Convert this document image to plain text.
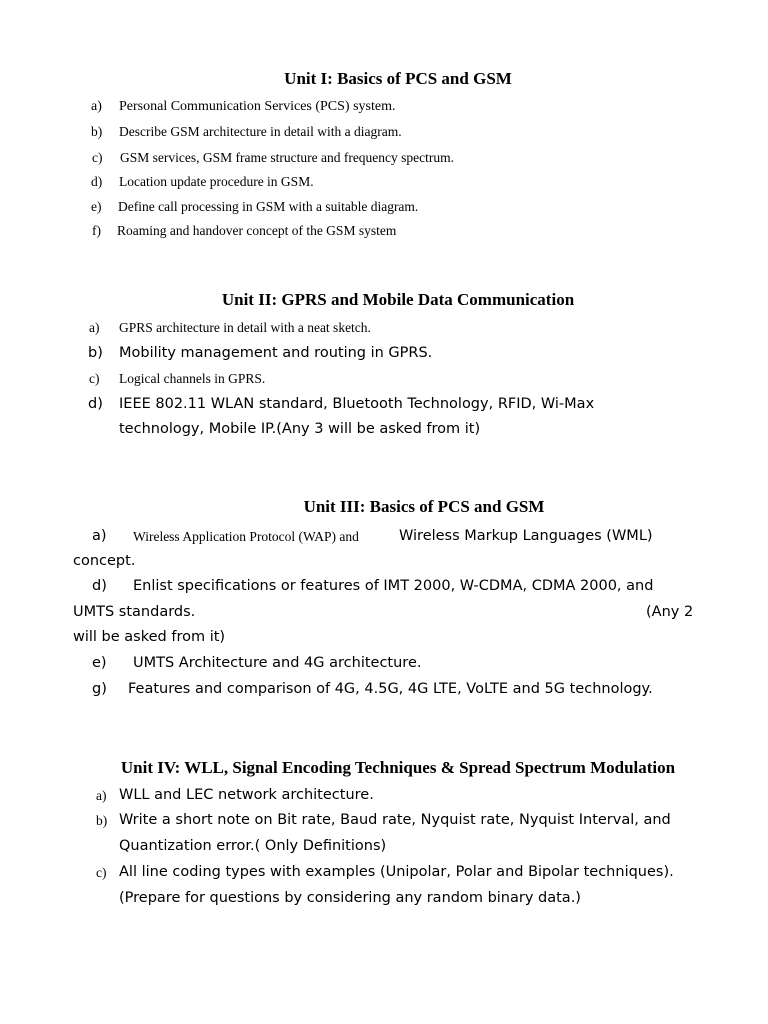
Unit I: Basics of PCS and GSM
a) Personal Communication Services (PCS) system.
b) Describe GSM architecture in detail with a diagram.
c) GSM services, GSM frame structure and frequency spectrum.
d) Location update procedure in GSM.
e) Define call processing in GSM with a suitable diagram.
f) Roaming and handover concept of the GSM system
Unit II: GPRS and Mobile Data Communication
a) GPRS architecture in detail with a neat sketch.
b) Mobility management and routing in GPRS.
c) Logical channels in GPRS.
d) IEEE 802.11 WLAN standard, Bluetooth Technology, RFID, Wi-Max
technology, Mobile IP.(Any 3 will be asked from it)
Unit III: Basics of PCS and GSM
a) Wireless Application Protocol (WAP) and	Wireless Markup Languages (WML)
concept.
d) Enlist specifications or features of IMT 2000, W-CDMA, CDMA 2000, and
UMTS standards.	(Any 2
will be asked from it)
e) UMTS Architecture and 4G architecture.
g) Features and comparison of 4G, 4.5G, 4G LTE, VoLTE and 5G technology.
Unit IV: WLL, Signal Encoding Techniques & Spread Spectrum Modulation
a) WLL and LEC network architecture.
b) Write a short note on Bit rate, Baud rate, Nyquist rate, Nyquist Interval, and
Quantization error.( Only Definitions)
c) All line coding types with examples (Unipolar, Polar and Bipolar techniques).
(Prepare for questions by considering any random binary data.)
